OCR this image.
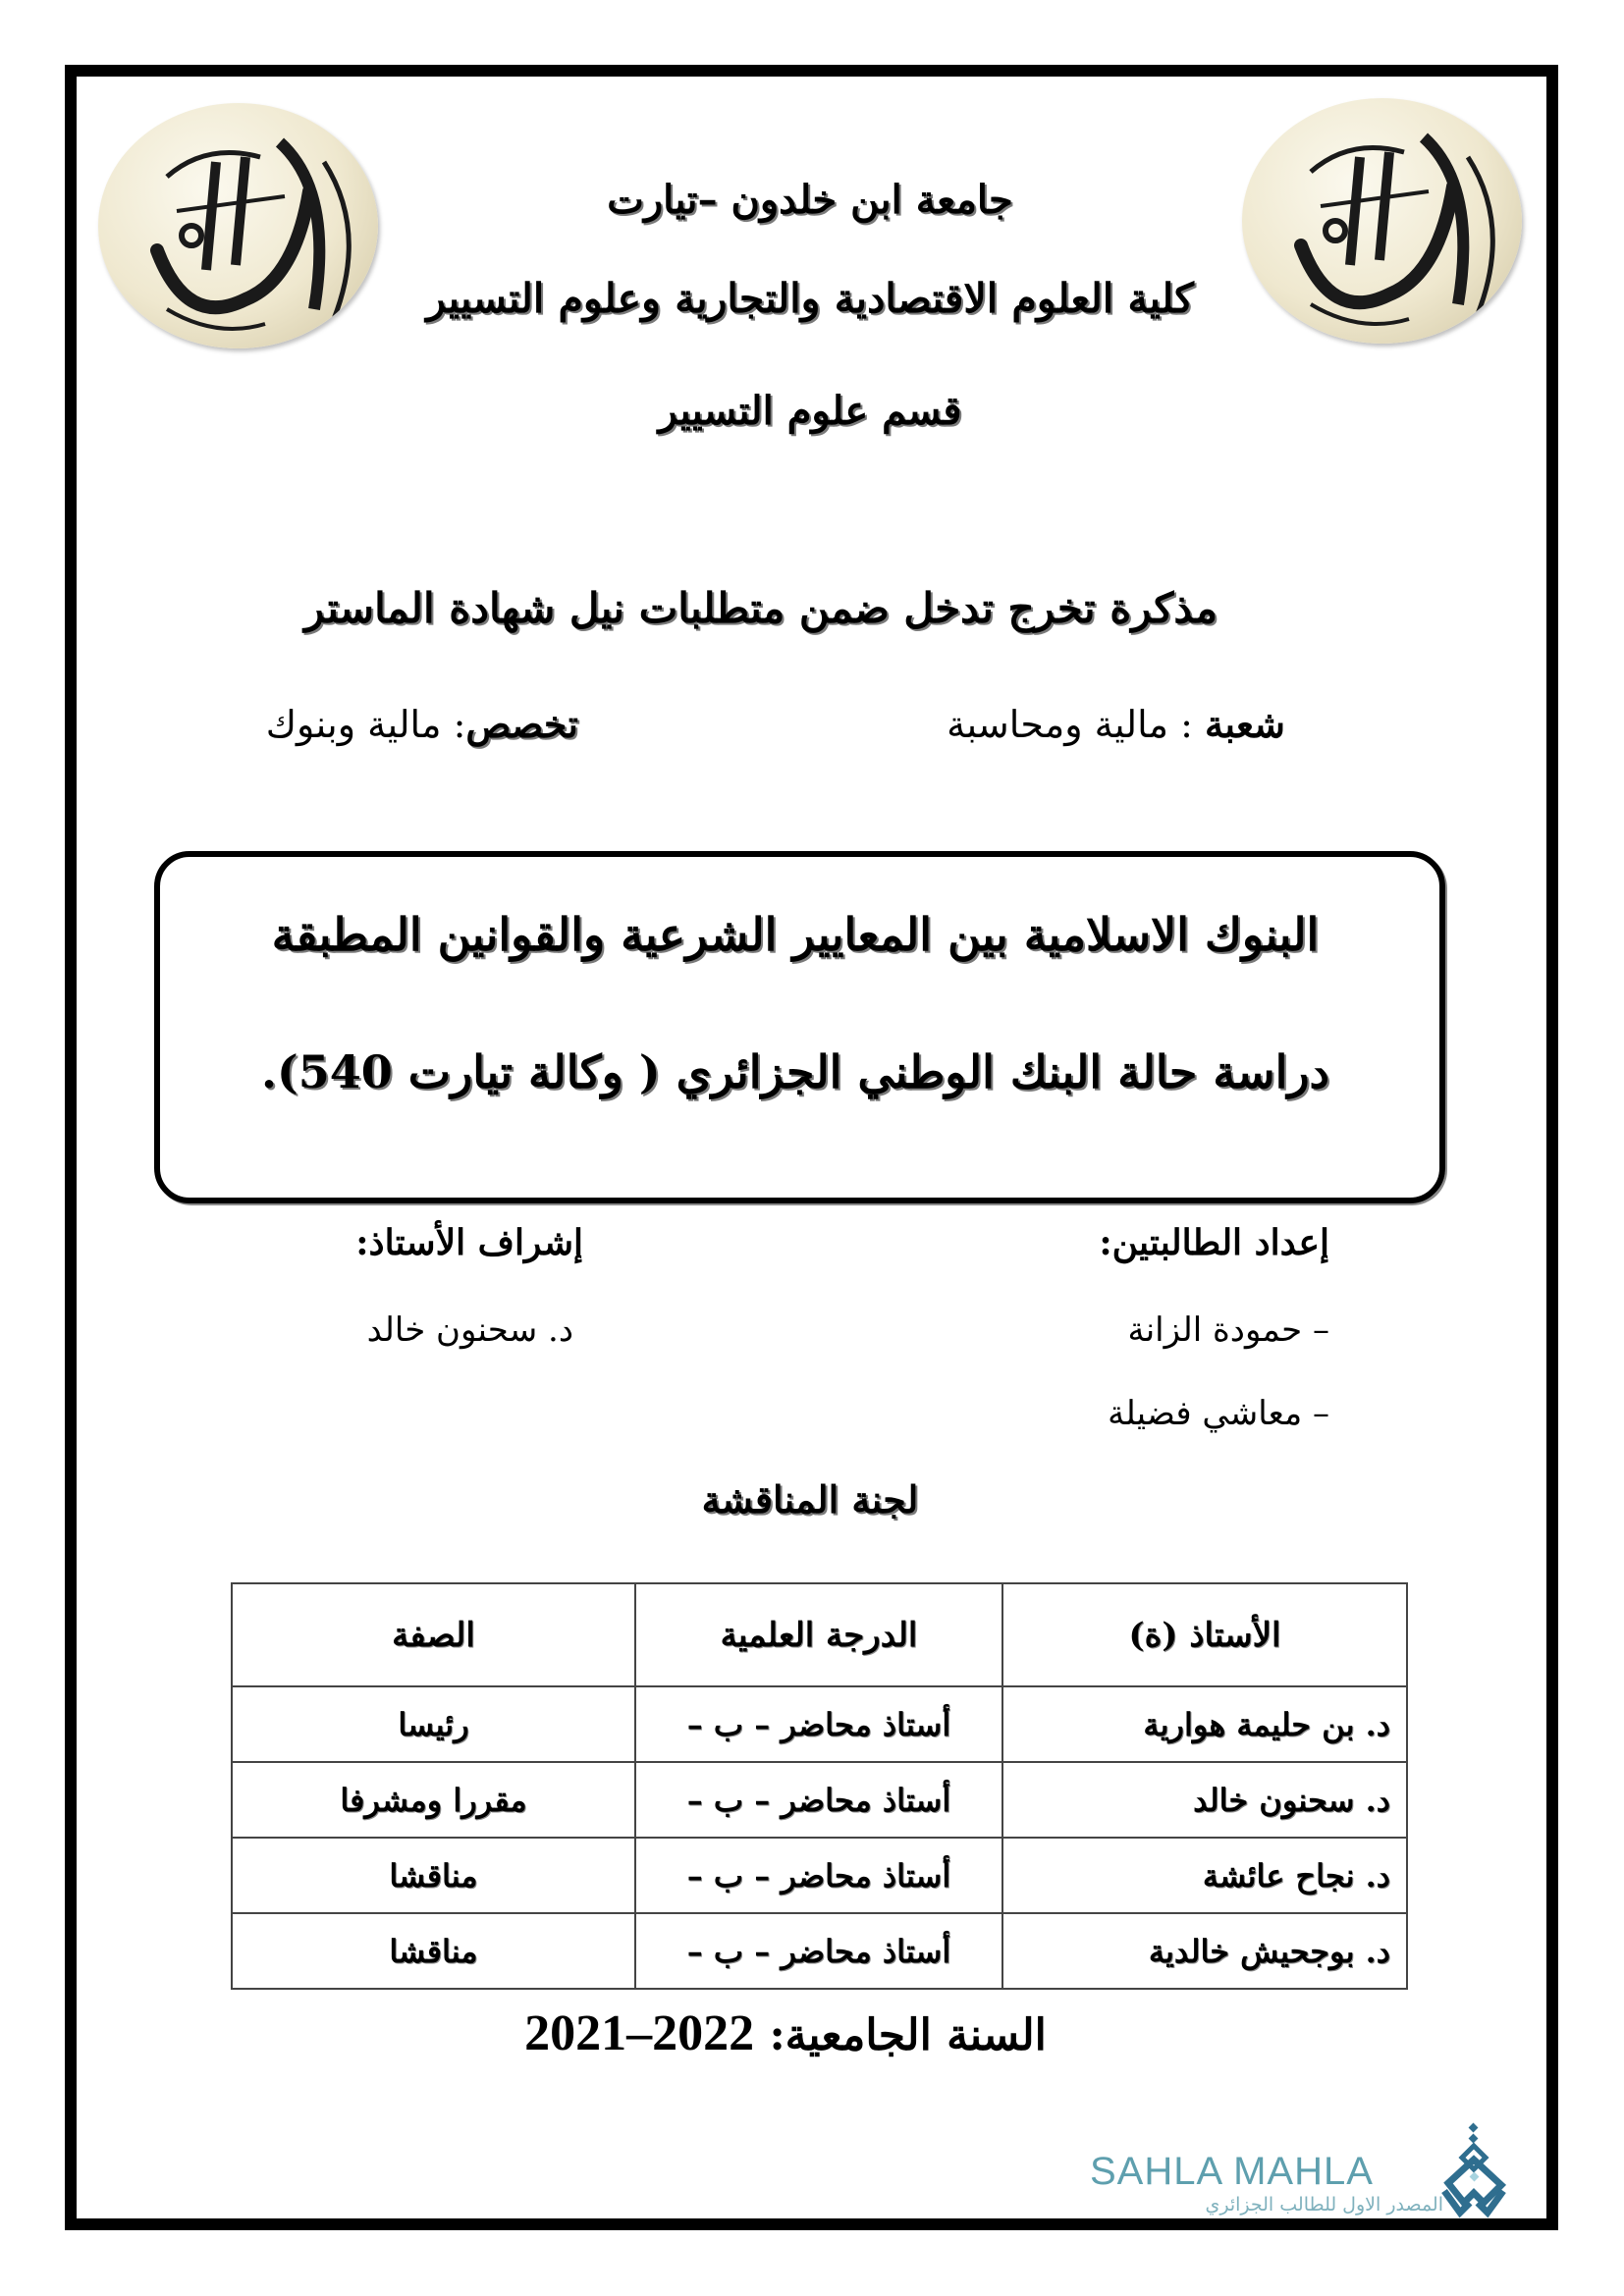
جامعة ابن خلدون –تيارت
كلية العلوم الاقتصادية والتجارية وعلوم التسيير
قسم علوم التسيير
مذكرة تخرج تدخل ضمن متطلبات نيل شهادة الماستر
شعبة : مالية ومحاسبة
تخصص: مالية وبنوك
البنوك الاسلامية بين المعايير الشرعية والقوانين المطبقة
دراسة حالة البنك الوطني الجزائري ( وكالة تيارت 540).
إعداد الطالبتين:
إشراف الأستاذ:
– حمودة الزانة
– معاشي فضيلة
د. سحنون خالد
لجنة المناقشة
الأستاذ (ة)	الدرجة العلمية	الصفة
د. بن حليمة هوارية	أستاذ محاضر – ب –	رئيسا
د. سحنون خالد	أستاذ محاضر – ب –	مقررا ومشرفا
د. نجاح عائشة	أستاذ محاضر – ب –	مناقشا
د. بوجحيش خالدية	أستاذ محاضر – ب –	مناقشا
السنة الجامعية: 2021–2022
SAHLA MAHLA
المصدر الاول للطالب الجزائري
